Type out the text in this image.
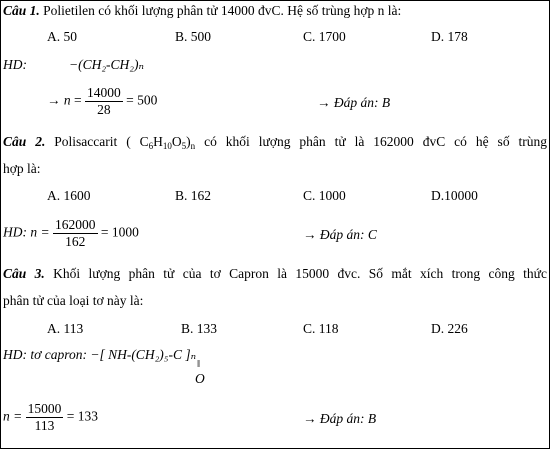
Câu 1. Polietilen có khối lượng phân tử 14000 đvC. Hệ số trùng hợp n là:
A. 50	B. 500	C. 1700	D. 178
HD:	−(CH₂-CH₂)ₙ
→ $n = \frac{14000}{28} = 500$	→ Đáp án: B
Câu 2. Polisaccarit ( $C_6H_{10}O_5)_n$ có khối lượng phân tử là 162000 đvC có hệ số trùng
hợp là:
A. 1600	B. 162	C. 1000	D.10000
HD: $n = \frac{162000}{162} = 1000$	→ Đáp án: C
Câu 3. Khối lượng phân tử của tơ Capron là 15000 đvc. Số mắt xích trong công thức
phân tử của loại tơ này là:
A. 113	B. 133	C. 118	D. 226
HD: tơ capron: −[ NH-(CH₂)₅-C ]ₙ
‖
O
$n = \frac{15000}{113} = 133$	→ Đáp án: B
